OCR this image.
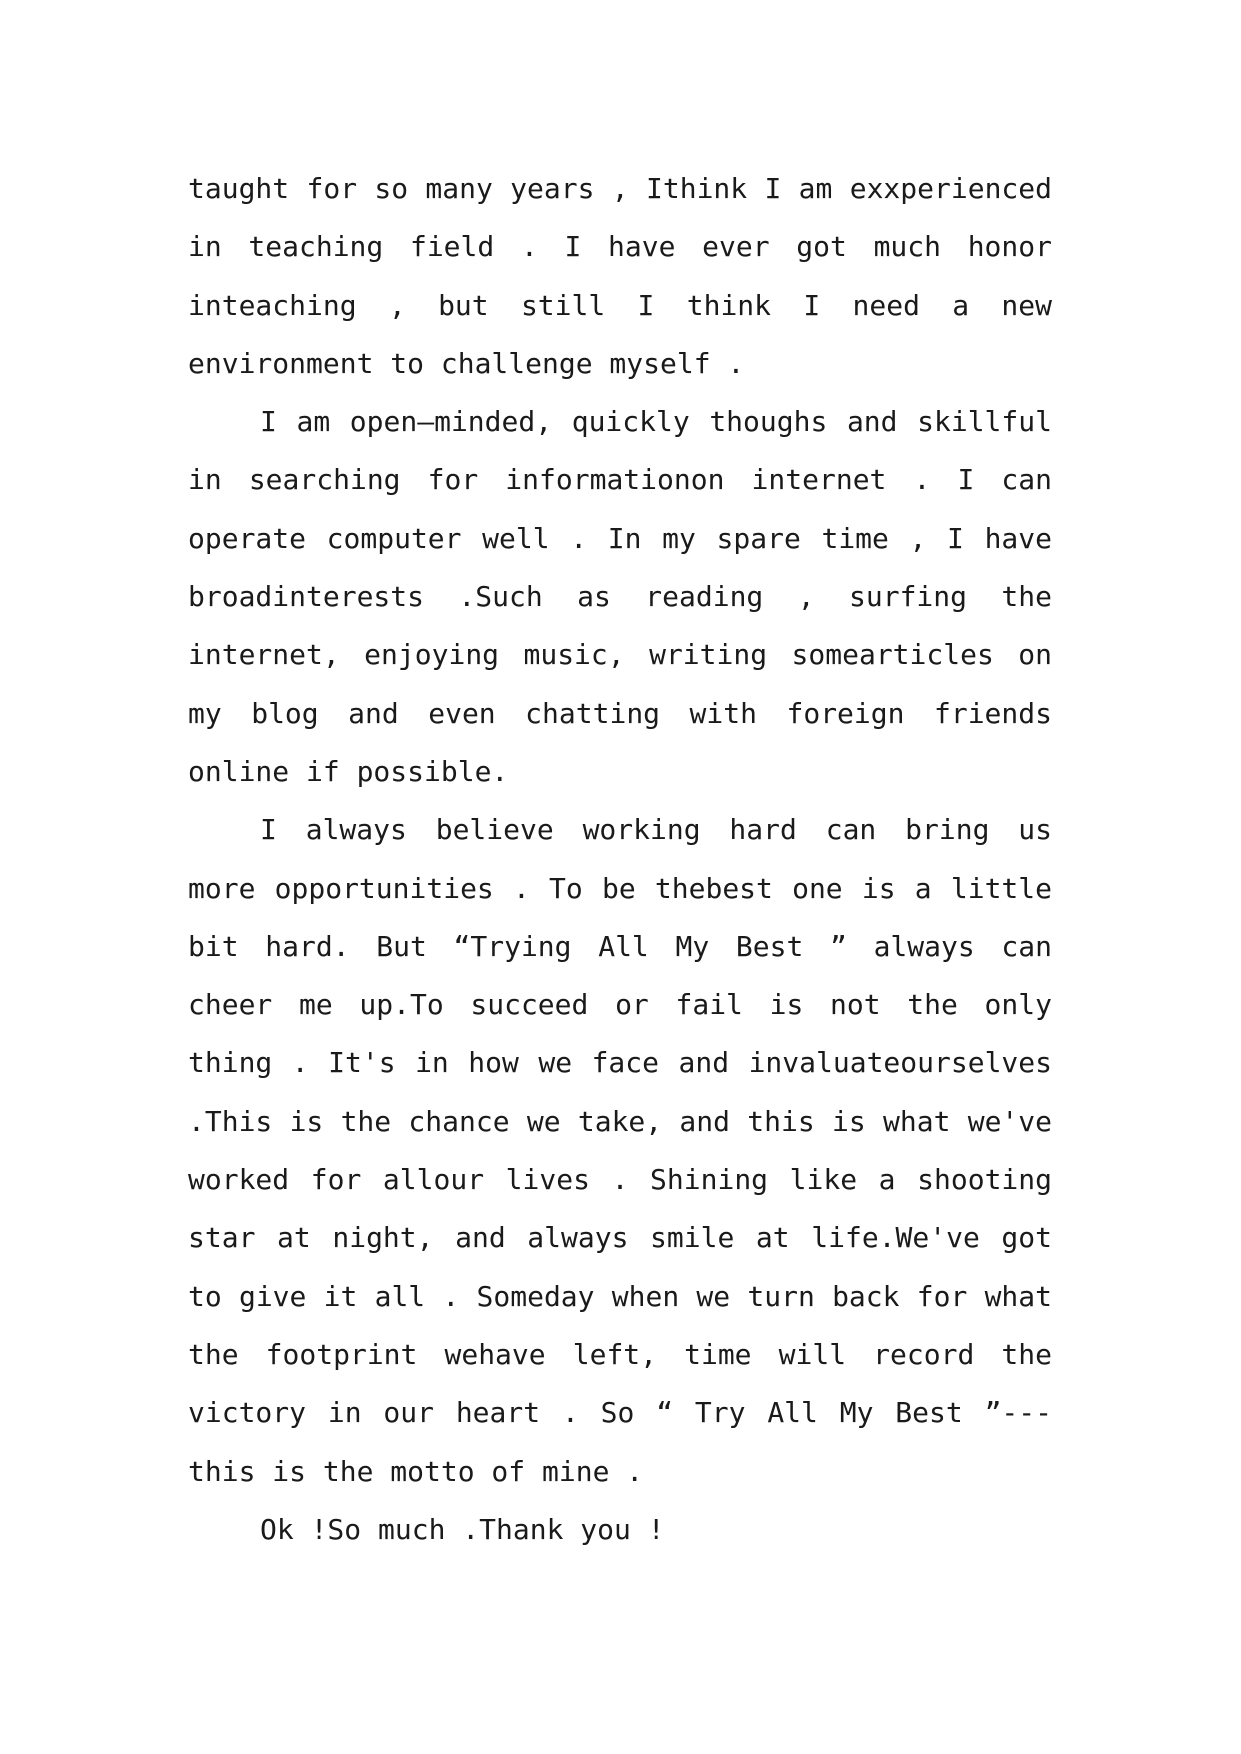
taught for so many years , Ithink I am exxperienced in teaching field . I have ever got much honor inteaching , but still I think I need a new environment to challenge myself .

I am open—minded, quickly thoughs and skillful in searching for informationon internet . I can operate computer well . In my spare time , I have broadinterests .Such as reading , surfing the internet, enjoying music, writing somearticles on my blog and even chatting with foreign friends online if possible.

I always believe working hard can bring us more opportunities . To be thebest one is a little bit hard. But “Trying All My Best ” always can cheer me up.To succeed or fail is not the only thing . It's in how we face and invaluateourselves .This is the chance we take, and this is what we've worked for allour lives . Shining like a shooting star at night, and always smile at life.We've got to give it all . Someday when we turn back for what the footprint wehave left, time will record the victory in our heart . So “ Try All My Best ”--- this is the motto of mine .

Ok !So much .Thank you !
